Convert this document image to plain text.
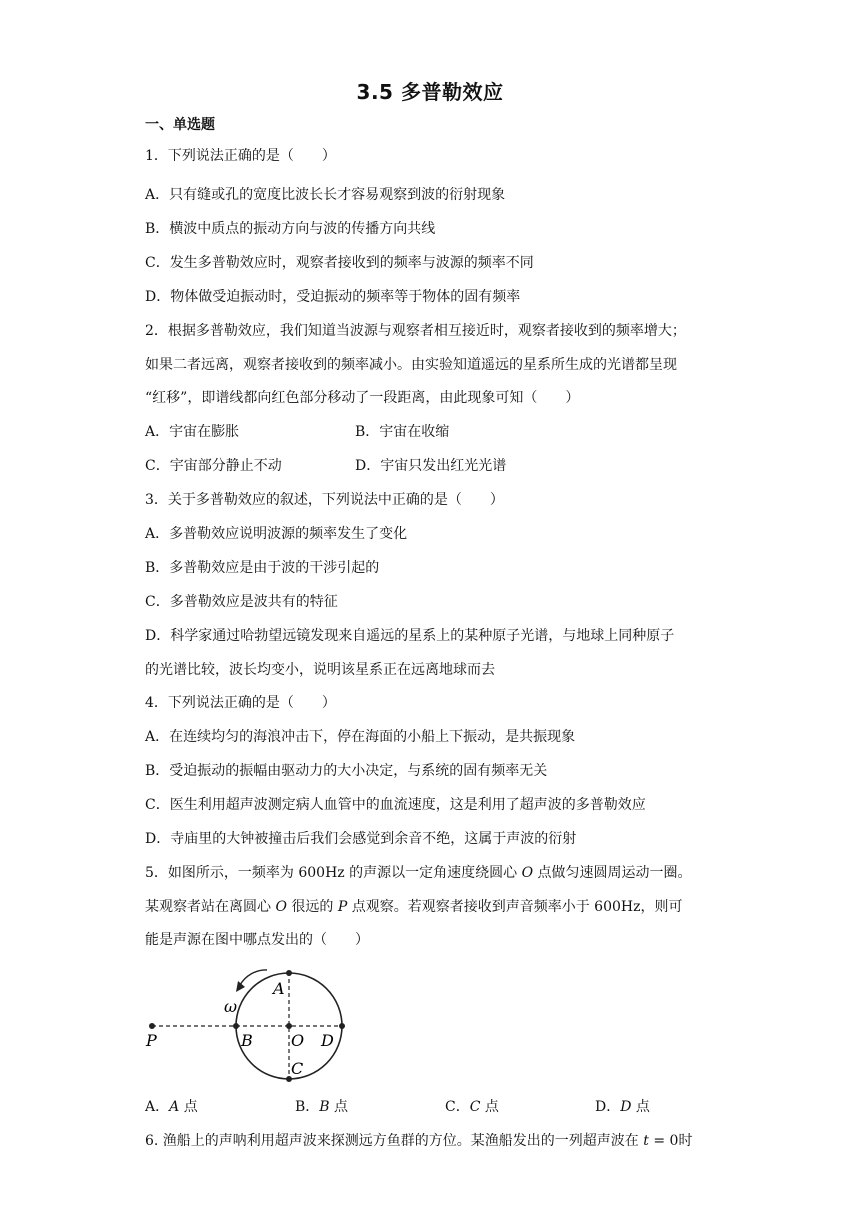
3.5 多普勒效应
一、单选题
1．下列说法正确的是（　　）
A．只有缝或孔的宽度比波长长才容易观察到波的衍射现象
B．横波中质点的振动方向与波的传播方向共线
C．发生多普勒效应时，观察者接收到的频率与波源的频率不同
D．物体做受迫振动时，受迫振动的频率等于物体的固有频率
2．根据多普勒效应，我们知道当波源与观察者相互接近时，观察者接收到的频率增大；
如果二者远离，观察者接收到的频率减小。由实验知道遥远的星系所生成的光谱都呈现
“红移”，即谱线都向红色部分移动了一段距离，由此现象可知（　　）
A．宇宙在膨胀	B．宇宙在收缩
C．宇宙部分静止不动	D．宇宙只发出红光光谱
3．关于多普勒效应的叙述，下列说法中正确的是（　　）
A．多普勒效应说明波源的频率发生了变化
B．多普勒效应是由于波的干涉引起的
C．多普勒效应是波共有的特征
D．科学家通过哈勃望远镜发现来自遥远的星系上的某种原子光谱，与地球上同种原子
的光谱比较，波长均变小，说明该星系正在远离地球而去
4．下列说法正确的是（　　）
A．在连续均匀的海浪冲击下，停在海面的小船上下振动，是共振现象
B．受迫振动的振幅由驱动力的大小决定，与系统的固有频率无关
C．医生利用超声波测定病人血管中的血流速度，这是利用了超声波的多普勒效应
D．寺庙里的大钟被撞击后我们会感觉到余音不绝，这属于声波的衍射
5．如图所示，一频率为 600Hz 的声源以一定角速度绕圆心 O 点做匀速圆周运动一圈。
某观察者站在离圆心 O 很远的 P 点观察。若观察者接收到声音频率小于 600Hz，则可
能是声源在图中哪点发出的（　　）
ω
P
A
B O D
C
A．A 点	B．B 点	C．C 点	D．D 点
6. 渔船上的声呐利用超声波来探测远方鱼群的方位。某渔船发出的一列超声波在 t = 0时
